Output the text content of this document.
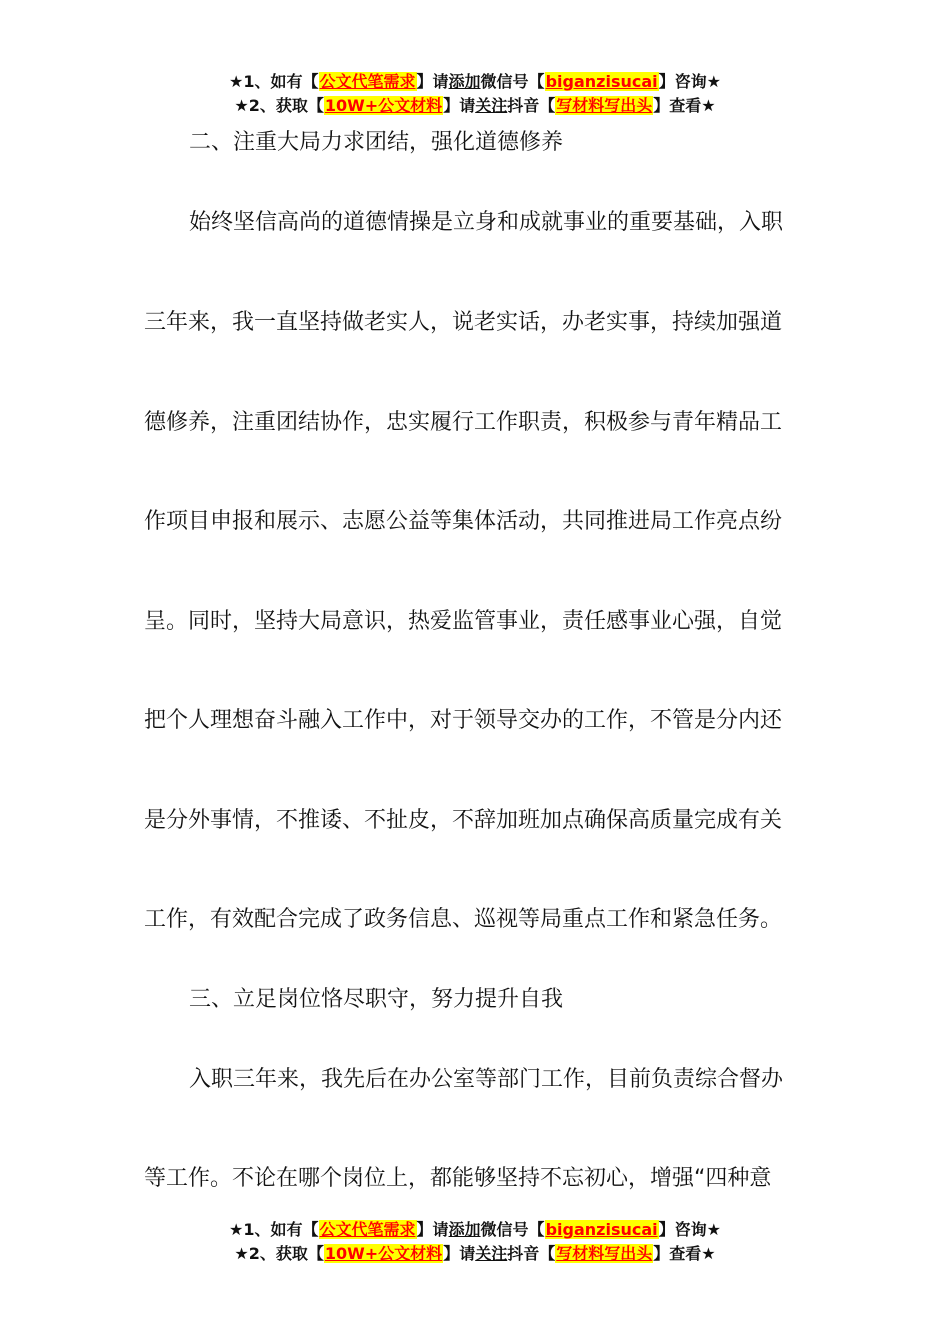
★1、如有【公文代笔需求】请添加微信号【biganzisucai】咨询★
★2、获取【10W+公文材料】请关注抖音【写材料写出头】查看★
二、注重大局力求团结，强化道德修养
始终坚信高尚的道德情操是立身和成就事业的重要基础，入职
三年来，我一直坚持做老实人，说老实话，办老实事，持续加强道
德修养，注重团结协作，忠实履行工作职责，积极参与青年精品工
作项目申报和展示、志愿公益等集体活动，共同推进局工作亮点纷
呈。同时，坚持大局意识，热爱监管事业，责任感事业心强，自觉
把个人理想奋斗融入工作中，对于领导交办的工作，不管是分内还
是分外事情，不推诿、不扯皮，不辞加班加点确保高质量完成有关
工作，有效配合完成了政务信息、巡视等局重点工作和紧急任务。
三、立足岗位恪尽职守，努力提升自我
入职三年来，我先后在办公室等部门工作，目前负责综合督办
等工作。不论在哪个岗位上，都能够坚持不忘初心，增强“四种意
★1、如有【公文代笔需求】请添加微信号【biganzisucai】咨询★
★2、获取【10W+公文材料】请关注抖音【写材料写出头】查看★
